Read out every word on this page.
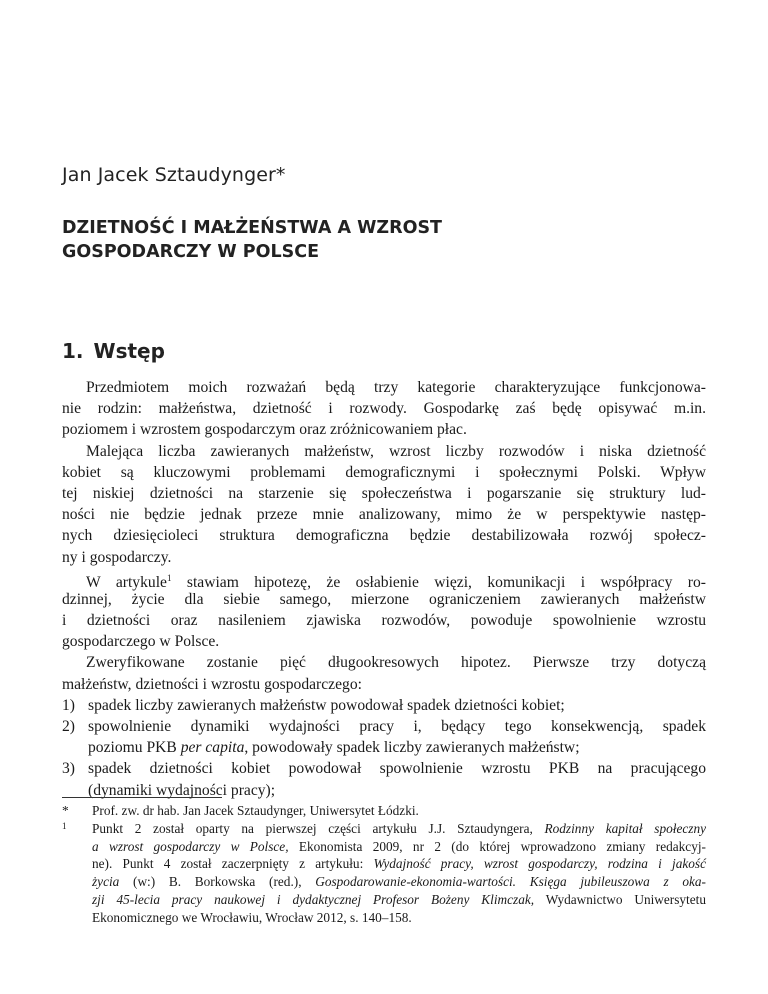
Jan Jacek Sztaudynger*
DZIETNOŚĆ I MAŁŻEŃSTWA A WZROST
GOSPODARCZY W POLSCE
1. Wstęp
Przedmiotem moich rozważań będą trzy kategorie charakteryzujące funkcjonowa-
nie rodzin: małżeństwa, dzietność i rozwody. Gospodarkę zaś będę opisywać m.in.
poziomem i wzrostem gospodarczym oraz zróżnicowaniem płac.
Malejąca liczba zawieranych małżeństw, wzrost liczby rozwodów i niska dzietność
kobiet są kluczowymi problemami demograficznymi i społecznymi Polski. Wpływ
tej niskiej dzietności na starzenie się społeczeństwa i pogarszanie się struktury lud-
ności nie będzie jednak przeze mnie analizowany, mimo że w perspektywie następ-
nych dziesięcioleci struktura demograficzna będzie destabilizowała rozwój społecz-
ny i gospodarczy.
W artykule$^1$ stawiam hipotezę, że osłabienie więzi, komunikacji i współpracy ro-
dzinnej, życie dla siebie samego, mierzone ograniczeniem zawieranych małżeństw
i dzietności oraz nasileniem zjawiska rozwodów, powoduje spowolnienie wzrostu
gospodarczego w Polsce.
Zweryfikowane zostanie pięć długookresowych hipotez. Pierwsze trzy dotyczą
małżeństw, dzietności i wzrostu gospodarczego:
1) spadek liczby zawieranych małżeństw powodował spadek dzietności kobiet;
2) spowolnienie dynamiki wydajności pracy i, będący tego konsekwencją, spadek
poziomu PKB per capita, powodowały spadek liczby zawieranych małżeństw;
3) spadek dzietności kobiet powodował spowolnienie wzrostu PKB na pracującego
(dynamiki wydajności pracy);
* Prof. zw. dr hab. Jan Jacek Sztaudynger, Uniwersytet Łódzki.
1 Punkt 2 został oparty na pierwszej części artykułu J.J. Sztaudyngera, Rodzinny kapitał społeczny
a wzrost gospodarczy w Polsce, Ekonomista 2009, nr 2 (do której wprowadzono zmiany redakcyj-
ne). Punkt 4 został zaczerpnięty z artykułu: Wydajność pracy, wzrost gospodarczy, rodzina i jakość
życia (w:) B. Borkowska (red.), Gospodarowanie-ekonomia-wartości. Księga jubileuszowa z oka-
zji 45-lecia pracy naukowej i dydaktycznej Profesor Bożeny Klimczak, Wydawnictwo Uniwersytetu
Ekonomicznego we Wrocławiu, Wrocław 2012, s. 140–158.
